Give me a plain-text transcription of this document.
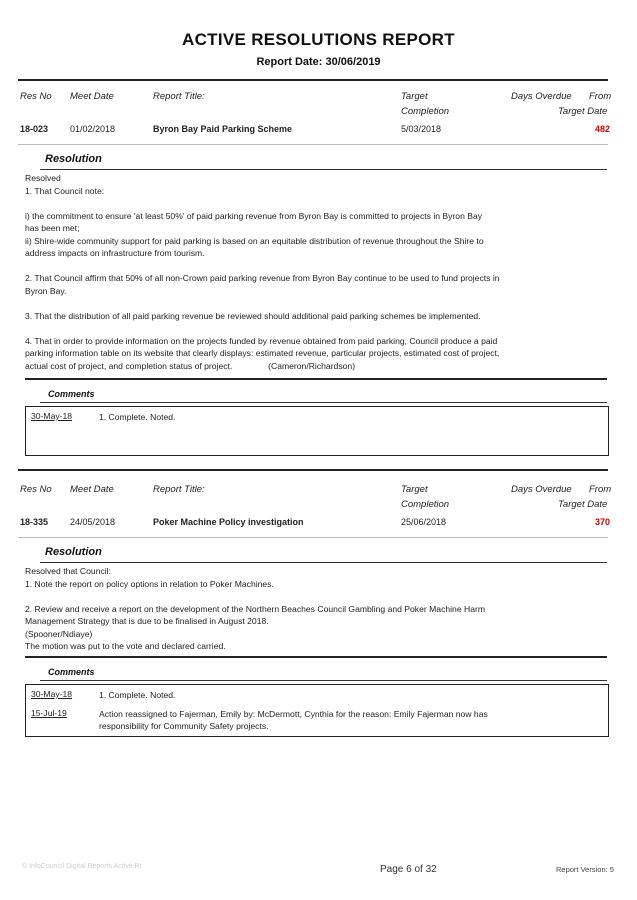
ACTIVE RESOLUTIONS REPORT
Report Date: 30/06/2019
Res No Meet Date	Report Title:	Target
Completion
Days Overdue From
Target Date
18-023 01/02/2018	Byron Bay Paid Parking Scheme	5/03/2018	482
Resolution

Resolved

1. That Council note:

i) the commitment to ensure 'at least 50%' of paid parking revenue from Byron Bay is committed to projects in Byron Bay

has been met;

ii) Shire-wide community support for paid parking is based on an equitable distribution of revenue throughout the Shire to

address impacts on infrastructure from tourism.

2. That Council affirm that 50% of all non-Crown paid parking revenue from Byron Bay continue to be used to fund projects in

Byron Bay.

3. That the distribution of all paid parking revenue be reviewed should additional paid parking schemes be implemented.

4. That in order to provide information on the projects funded by revenue obtained from paid parking, Council produce a paid

parking information table on its website that clearly displays: estimated revenue, particular projects, estimated cost of project,

actual cost of project, and completion status of project.               (Cameron/Richardson)

Comments
30-May-18	1. Complete. Noted.
Res No Meet Date	Report Title:	Target
Completion
Days Overdue From
Target Date
18-335 24/05/2018	Poker Machine Policy investigation	25/06/2018	370
Resolution

Resolved that Council:

1. Note the report on policy options in relation to Poker Machines.

2. Review and receive a report on the development of the Northern Beaches Council Gambling and Poker Machine Harm

Management Strategy that is due to be finalised in August 2018.

(Spooner/Ndiaye)

The motion was put to the vote and declared carried.

Comments
30-May-18	1. Complete. Noted.
15-Jul-19	Action reassigned to Fajerman, Emily by: McDermott, Cynthia for the reason: Emily Fajerman now has
responsibility for Community Safety projects.
© InfoCouncil Digital Reports Active Rt	Page 6 of 32	Report Version: 5
